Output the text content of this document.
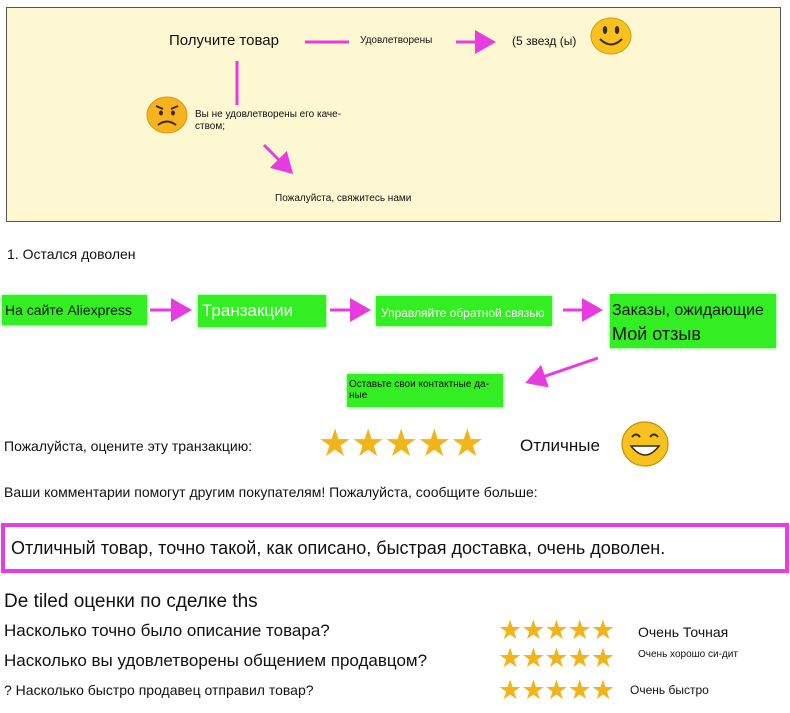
Получите товар	Удовлетворены	(5 звезд (ы)
Вы не удовлетворены его каче-ством;
Пожалуйста, свяжитесь нами
1. Остался доволен
На сайте Aliexpress	Транзакции	Управляйте обратной связью	Заказы, ожидающие
Мой отзыв
Оставьте свои контактные да-ные
Пожалуйста, оцените эту транзакцию: ★★★★★ Отличные
Ваши комментарии помогут другим покупателям! Пожалуйста, сообщите больше:
Отличный товар, точно такой, как описано, быстрая доставка, очень доволен.
De tiled оценки по сделке ths
Насколько точно было описание товара?	★★★★★ Очень Точная
Насколько вы удовлетворены общением продавцом?	★★★★★ Очень хорошо си-дит
? Насколько быстро продавец отправил товар?	★★★★★ Очень быстро
